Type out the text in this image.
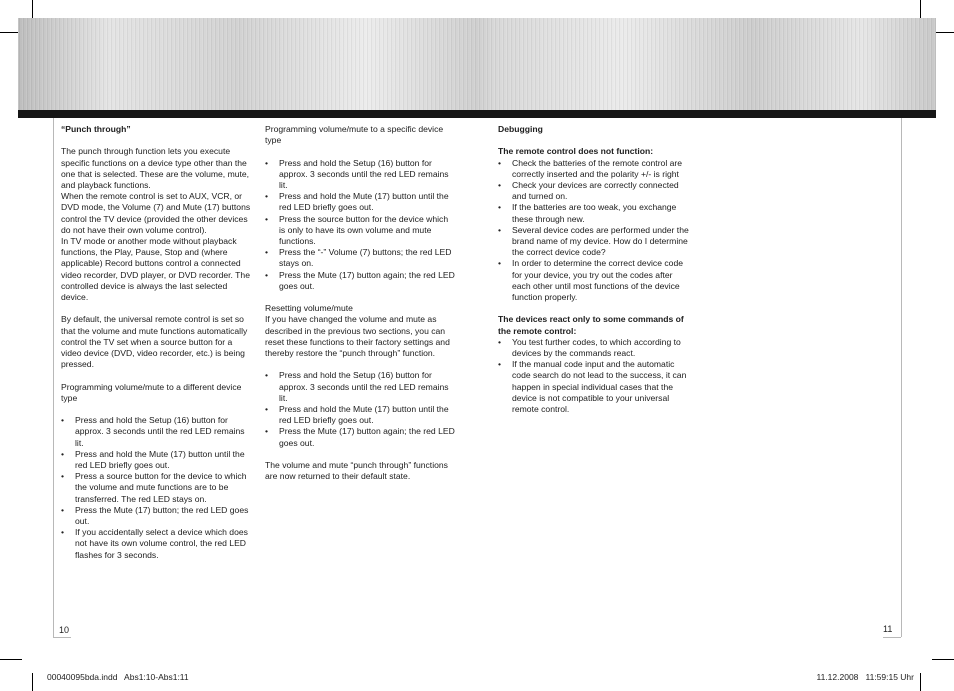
“Punch through”

The punch through function lets you execute specific functions on a device type other than the one that is selected. These are the volume, mute, and playback functions.

When the remote control is set to AUX, VCR, or DVD mode, the Volume (7) and Mute (17) buttons control the TV device (provided the other devices do not have their own volume control).

In TV mode or another mode without playback functions, the Play, Pause, Stop and (where applicable) Record buttons control a connected video recorder, DVD player, or DVD recorder. The controlled device is always the last selected device.

By default, the universal remote control is set so that the volume and mute functions automatically control the TV set when a source button for a video device (DVD, video recorder, etc.) is being pressed.

Programming volume/mute to a different device type

• Press and hold the Setup (16) button for approx. 3 seconds until the red LED remains lit.
• Press and hold the Mute (17) button until the red LED briefly goes out.
• Press a source button for the device to which the volume and mute functions are to be transferred. The red LED stays on.
• Press the Mute (17) button; the red LED goes out.
• If you accidentally select a device which does not have its own volume control, the red LED flashes for 3 seconds.

Programming volume/mute to a specific device type

• Press and hold the Setup (16) button for approx. 3 seconds until the red LED remains lit.
• Press and hold the Mute (17) button until the red LED briefly goes out.
• Press the source button for the device which is only to have its own volume and mute functions.
• Press the “-” Volume (7) buttons; the red LED stays on.
• Press the Mute (17) button again; the red LED goes out.

Resetting volume/mute

If you have changed the volume and mute as described in the previous two sections, you can reset these functions to their factory settings and thereby restore the “punch through” function.

• Press and hold the Setup (16) button for approx. 3 seconds until the red LED remains lit.
• Press and hold the Mute (17) button until the red LED briefly goes out.
• Press the Mute (17) button again; the red LED goes out.

The volume and mute “punch through” functions are now returned to their default state.

Debugging

The remote control does not function:

• Check the batteries of the remote control are correctly inserted and the polarity +/- is right
• Check your devices are correctly connected and turned on.
• If the batteries are too weak, you exchange these through new.
• Several device codes are performed under the brand name of my device. How do I determine the correct device code?
• In order to determine the correct device code for your device, you try out the codes after each other until most functions of the device function properly.

The devices react only to some commands of the remote control:

• You test further codes, to which according to devices by the commands react.
• If the manual code input and the automatic code search do not lead to the success, it can happen in special individual cases that the device is not compatible to your universal remote control.
10	11
00040095bda.indd   Abs1:10-Abs1:11	11.12.2008   11:59:15 Uhr
